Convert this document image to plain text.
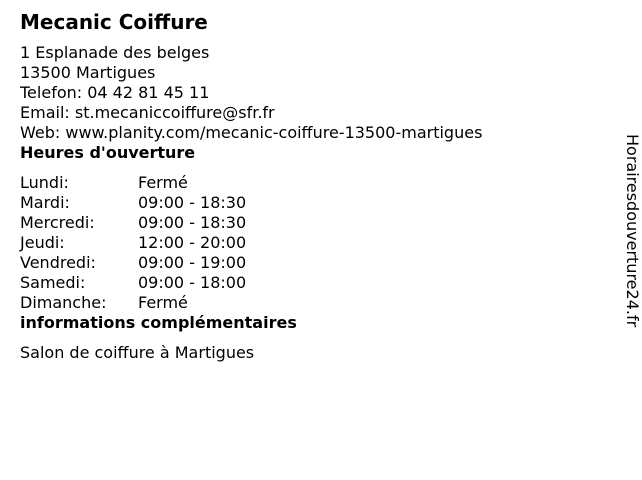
Mecanic Coiffure
1 Esplanade des belges
13500 Martigues
Telefon: 04 42 81 45 11
Email: st.mecaniccoiffure@sfr.fr
Web: www.planity.com/mecanic-coiffure-13500-martigues
Heures d'ouverture
Lundi:	Fermé
Mardi:	09:00 - 18:30
Mercredi:	09:00 - 18:30
Jeudi:	12:00 - 20:00
Vendredi:	09:00 - 19:00
Samedi:	09:00 - 18:00
Dimanche:	Fermé
informations complémentaires
Salon de coiffure à Martigues
Horairesdouverture24.fr
